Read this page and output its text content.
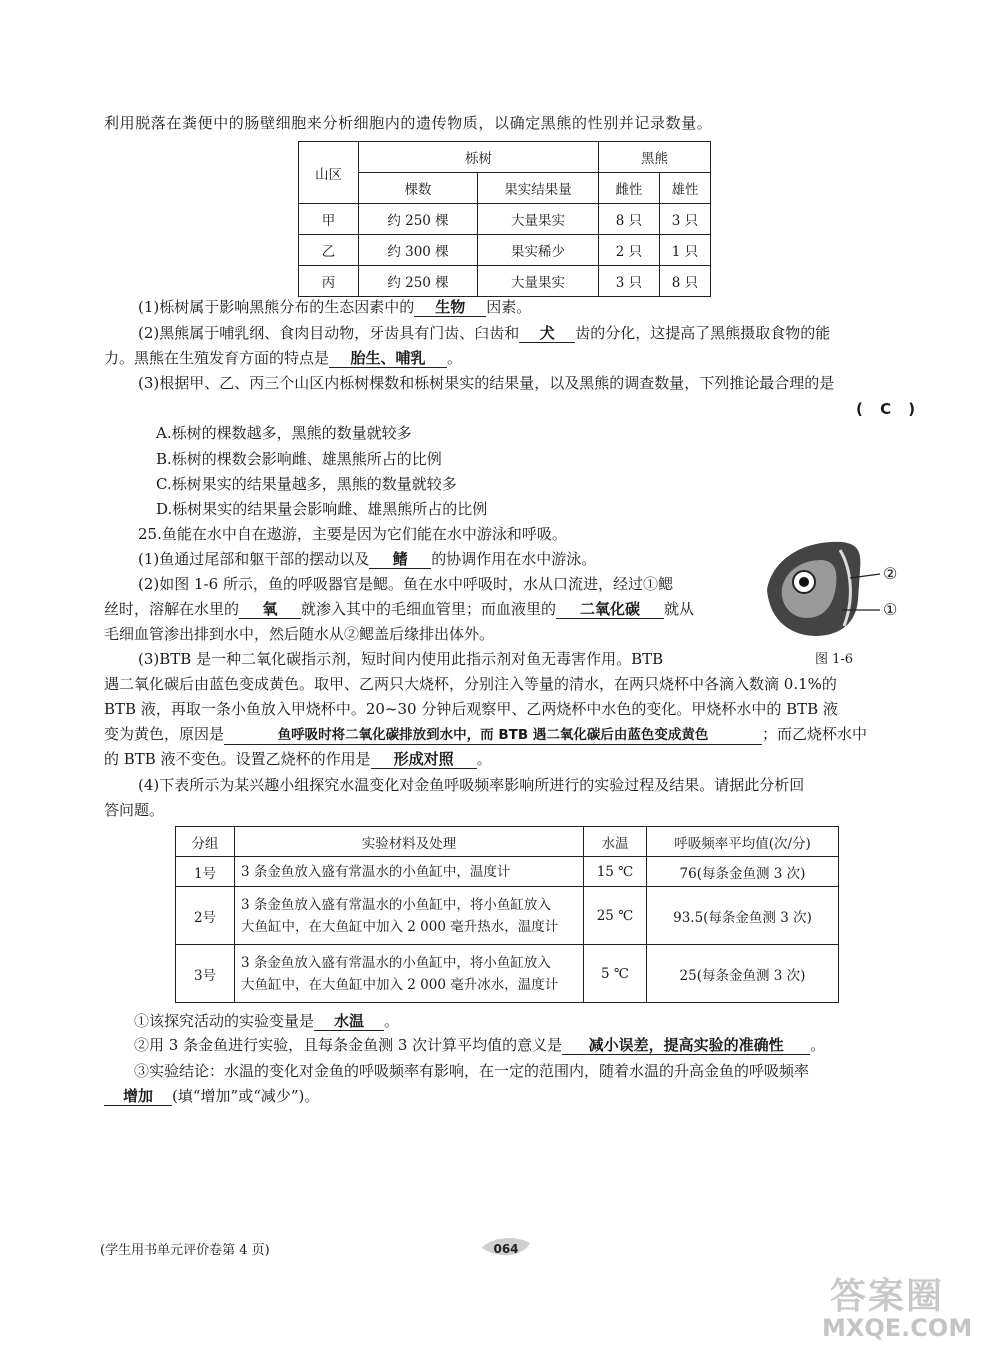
利用脱落在粪便中的肠壁细胞来分析细胞内的遗传物质，以确定黑熊的性别并记录数量。
山区	栎树		黑熊	
	棵数	果实结果量	雌性	雄性
甲	约 250 棵	大量果实	8 只	3 只
乙	约 300 棵	果实稀少	2 只	1 只
丙	约 250 棵	大量果实	3 只	8 只
(1)栎树属于影响黑熊分布的生态因素中的 生物 因素。
(2)黑熊属于哺乳纲、食肉目动物，牙齿具有门齿、臼齿和 犬 齿的分化，这提高了黑熊摄取食物的能
力。黑熊在生殖发育方面的特点是 胎生、哺乳 。
(3)根据甲、乙、丙三个山区内栎树棵数和栎树果实的结果量，以及黑熊的调查数量，下列推论最合理的是
( C )
A.栎树的棵数越多，黑熊的数量就较多
B.栎树的棵数会影响雌、雄黑熊所占的比例
C.栎树果实的结果量越多，黑熊的数量就较多
D.栎树果实的结果量会影响雌、雄黑熊所占的比例
25.鱼能在水中自在遨游，主要是因为它们能在水中游泳和呼吸。
(1)鱼通过尾部和躯干部的摆动以及 鳍 的协调作用在水中游泳。
(2)如图 1-6 所示，鱼的呼吸器官是鳃。鱼在水中呼吸时，水从口流进，经过①鳃
丝时，溶解在水里的 氧 就渗入其中的毛细血管里；而血液里的 二氧化碳 就从
毛细血管渗出排到水中，然后随水从②鳃盖后缘排出体外。
②
①
图 1-6
(3)BTB 是一种二氧化碳指示剂，短时间内使用此指示剂对鱼无毒害作用。BTB
遇二氧化碳后由蓝色变成黄色。取甲、乙两只大烧杯，分别注入等量的清水，在两只烧杯中各滴入数滴 0.1%的
BTB 液，再取一条小鱼放入甲烧杯中。20~30 分钟后观察甲、乙两烧杯中水色的变化。甲烧杯水中的 BTB 液
变为黄色，原因是	鱼呼吸时将二氧化碳排放到水中，而 BTB 遇二氧化碳后由蓝色变成黄色	；而乙烧杯水中
的 BTB 液不变色。设置乙烧杯的作用是 形成对照 。
(4)下表所示为某兴趣小组探究水温变化对金鱼呼吸频率影响所进行的实验过程及结果。请据此分析回
答问题。
分组	实验材料及处理	水温	呼吸频率平均值(次/分)
1号	3 条金鱼放入盛有常温水的小鱼缸中，温度计	15 ℃	76(每条金鱼测 3 次)
2号	3 条金鱼放入盛有常温水的小鱼缸中，将小鱼缸放入
大鱼缸中，在大鱼缸中加入 2 000 毫升热水，温度计	25 ℃	93.5(每条金鱼测 3 次)
3号	3 条金鱼放入盛有常温水的小鱼缸中，将小鱼缸放入
大鱼缸中，在大鱼缸中加入 2 000 毫升冰水，温度计	5 ℃	25(每条金鱼测 3 次)
①该探究活动的实验变量是 水温 。
②用 3 条金鱼进行实验，且每条金鱼测 3 次计算平均值的意义是 减小误差，提高实验的准确性 。
③实验结论：水温的变化对金鱼的呼吸频率有影响，在一定的范围内，随着水温的升高金鱼的呼吸频率
增加 (填“增加”或“减少”)。
(学生用书单元评价卷第 4 页)	064
答案圈
MXQE.COM
